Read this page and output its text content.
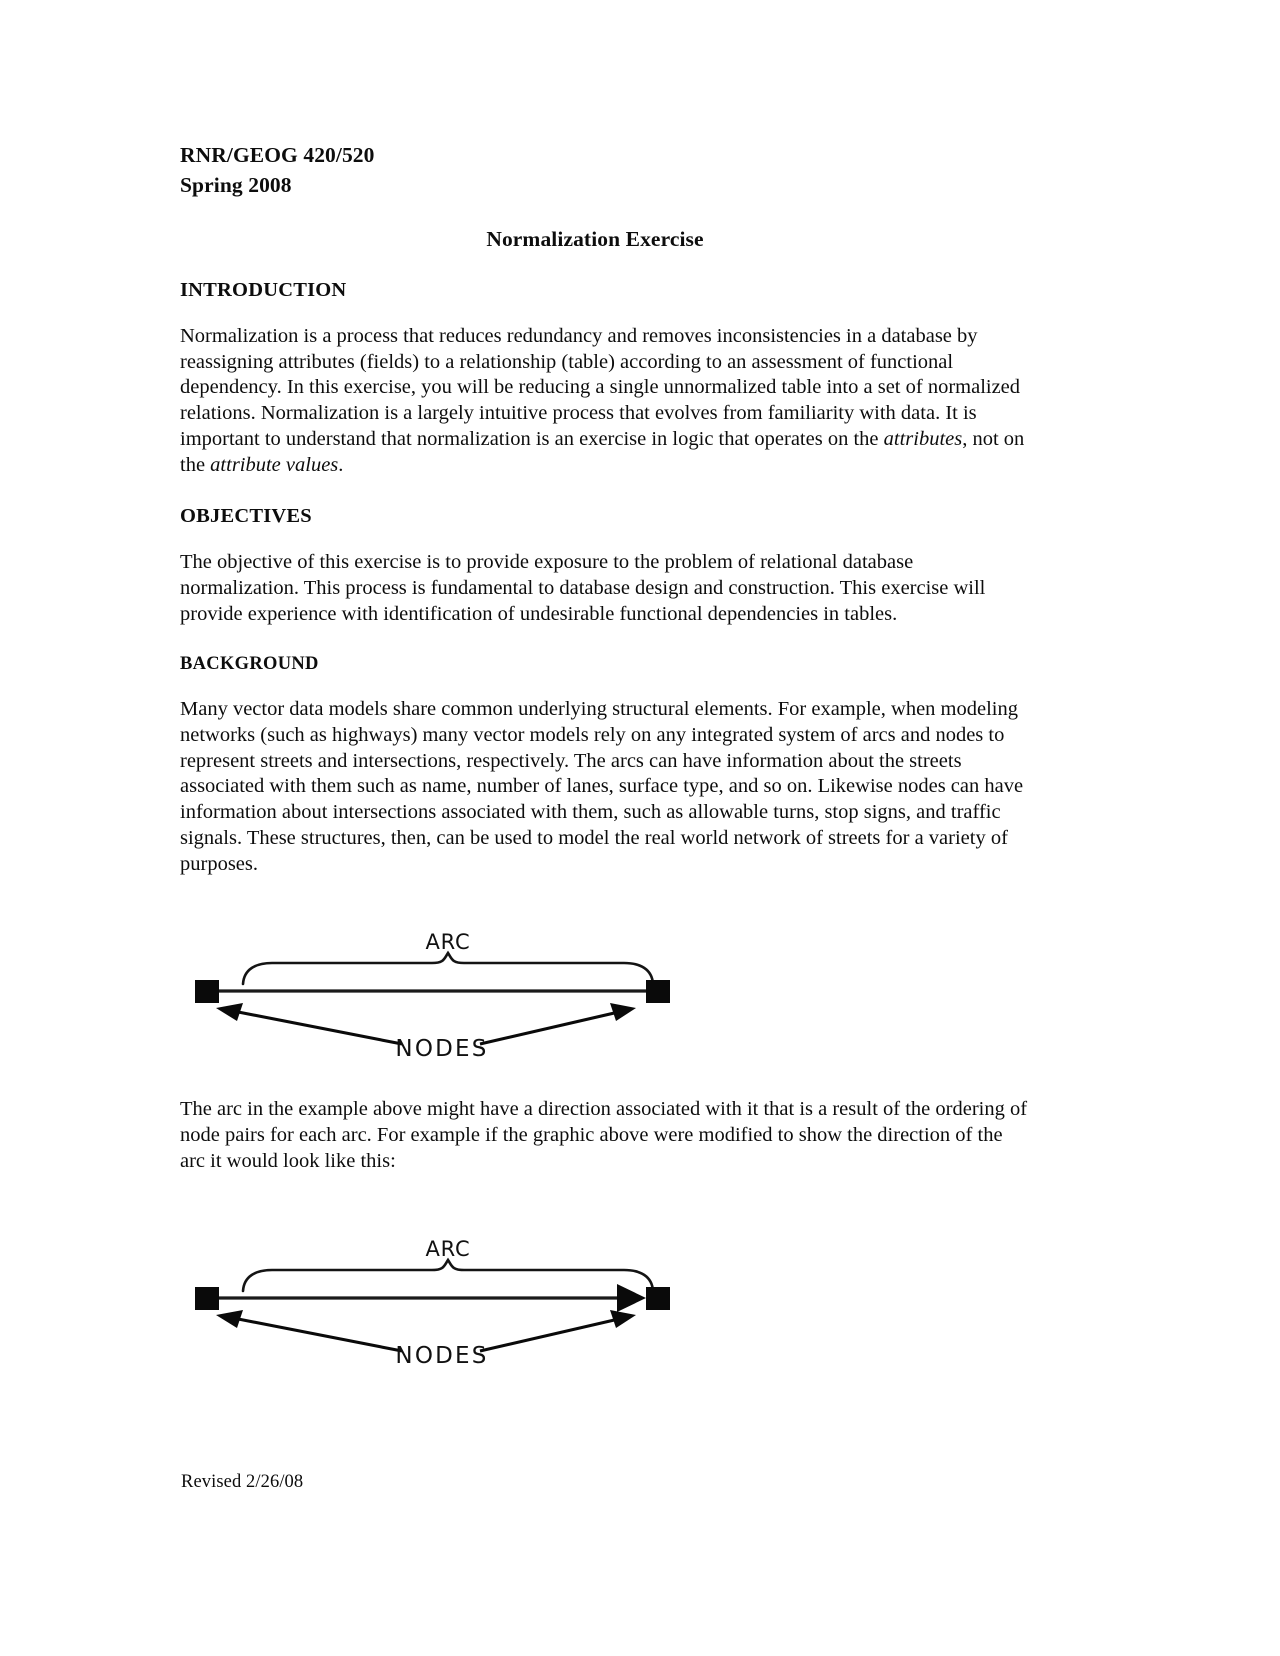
RNR/GEOG 420/520
Spring 2008
Normalization Exercise
INTRODUCTION

Normalization is a process that reduces redundancy and removes inconsistencies in a database by reassigning attributes (fields) to a relationship (table) according to an assessment of functional dependency. In this exercise, you will be reducing a single unnormalized table into a set of normalized relations. Normalization is a largely intuitive process that evolves from familiarity with data. It is important to understand that normalization is an exercise in logic that operates on the attributes, not on the attribute values.

OBJECTIVES

The objective of this exercise is to provide exposure to the problem of relational database normalization. This process is fundamental to database design and construction. This exercise will provide experience with identification of undesirable functional dependencies in tables.

BACKGROUND

Many vector data models share common underlying structural elements. For example, when modeling networks (such as highways) many vector models rely on any integrated system of arcs and nodes to represent streets and intersections, respectively. The arcs can have information about the streets associated with them such as name, number of lanes, surface type, and so on. Likewise nodes can have information about intersections associated with them, such as allowable turns, stop signs, and traffic signals. These structures, then, can be used to model the real world network of streets for a variety of purposes.

ARC
NODES

The arc in the example above might have a direction associated with it that is a result of the ordering of node pairs for each arc. For example if the graphic above were modified to show the direction of the arc it would look like this:

ARC
NODES
Revised 2/26/08
